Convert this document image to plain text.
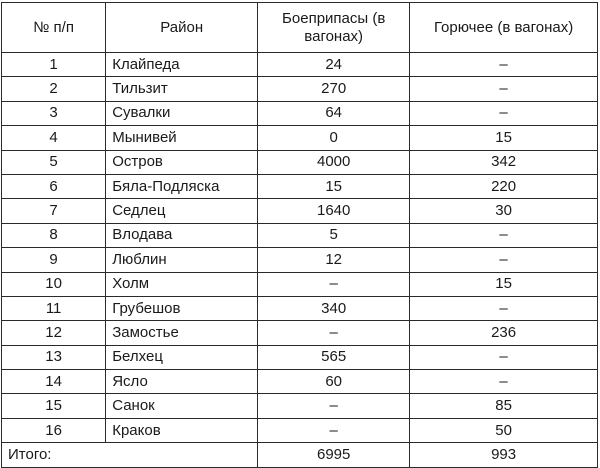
№ п/п	Район	Боеприпасы (в вагонах)	Горючее (в вагонах)
1	Клайпеда	24	–
2	Тильзит	270	–
3	Сувалки	64	–
4	Мынивей	0	15
5	Остров	4000	342
6	Бяла-Подляска	15	220
7	Седлец	1640	30
8	Влодава	5	–
9	Люблин	12	–
10	Холм	–	15
11	Грубешов	340	–
12	Замостье	–	236
13	Белхец	565	–
14	Ясло	60	–
15	Санок	–	85
16	Краков	–	50
Итого:		6995	993
